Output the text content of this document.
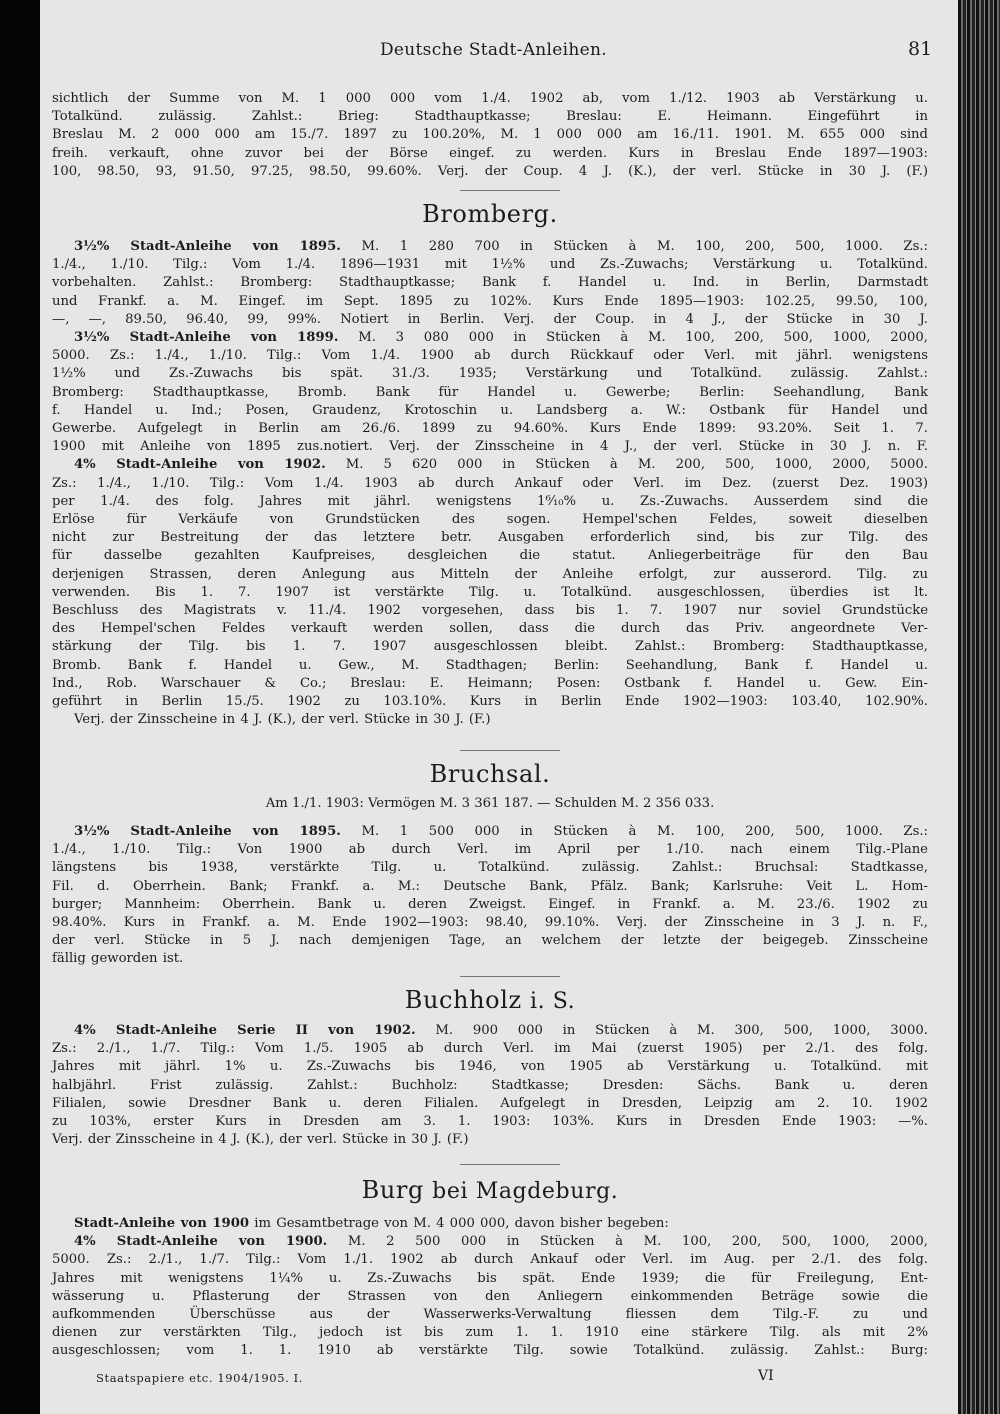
Deutsche Stadt-Anleihen.	81

sichtlich der Summe von M. 1 000 000 vom 1./4. 1902 ab, vom 1./12. 1903 ab Verstärkung u.

Totalkünd. zulässig. Zahlst.: Brieg: Stadthauptkasse; Breslau: E. Heimann. Eingeführt in

Breslau M. 2 000 000 am 15./7. 1897 zu 100.20%, M. 1 000 000 am 16./11. 1901. M. 655 000 sind

freih. verkauft, ohne zuvor bei der Börse eingef. zu werden. Kurs in Breslau Ende 1897—1903:

100, 98.50, 93, 91.50, 97.25, 98.50, 99.60%. Verj. der Coup. 4 J. (K.), der verl. Stücke in 30 J. (F.)

Bromberg.

3½% Stadt-Anleihe von 1895. M. 1 280 700 in Stücken à M. 100, 200, 500, 1000. Zs.:

1./4., 1./10. Tilg.: Vom 1./4. 1896—1931 mit 1½% und Zs.-Zuwachs; Verstärkung u. Totalkünd.

vorbehalten. Zahlst.: Bromberg: Stadthauptkasse; Bank f. Handel u. Ind. in Berlin, Darmstadt

und Frankf. a. M. Eingef. im Sept. 1895 zu 102%. Kurs Ende 1895—1903: 102.25, 99.50, 100,

—, —, 89.50, 96.40, 99, 99%. Notiert in Berlin. Verj. der Coup. in 4 J., der Stücke in 30 J.

3½% Stadt-Anleihe von 1899. M. 3 080 000 in Stücken à M. 100, 200, 500, 1000, 2000,

5000. Zs.: 1./4., 1./10. Tilg.: Vom 1./4. 1900 ab durch Rückkauf oder Verl. mit jährl. wenigstens

1½% und Zs.-Zuwachs bis spät. 31./3. 1935; Verstärkung und Totalkünd. zulässig. Zahlst.:

Bromberg: Stadthauptkasse, Bromb. Bank für Handel u. Gewerbe; Berlin: Seehandlung, Bank

f. Handel u. Ind.; Posen, Graudenz, Krotoschin u. Landsberg a. W.: Ostbank für Handel und

Gewerbe. Aufgelegt in Berlin am 26./6. 1899 zu 94.60%. Kurs Ende 1899: 93.20%. Seit 1. 7.

1900 mit Anleihe von 1895 zus.notiert. Verj. der Zinsscheine in 4 J., der verl. Stücke in 30 J. n. F.

4% Stadt-Anleihe von 1902. M. 5 620 000 in Stücken à M. 200, 500, 1000, 2000, 5000.

Zs.: 1./4., 1./10. Tilg.: Vom 1./4. 1903 ab durch Ankauf oder Verl. im Dez. (zuerst Dez. 1903)

per 1./4. des folg. Jahres mit jährl. wenigstens 1⁶⁄₁₀% u. Zs.-Zuwachs. Ausserdem sind die

Erlöse für Verkäufe von Grundstücken des sogen. Hempel'schen Feldes, soweit dieselben

nicht zur Bestreitung der das letztere betr. Ausgaben erforderlich sind, bis zur Tilg. des

für dasselbe gezahlten Kaufpreises, desgleichen die statut. Anliegerbeiträge für den Bau

derjenigen Strassen, deren Anlegung aus Mitteln der Anleihe erfolgt, zur ausserord. Tilg. zu

verwenden. Bis 1. 7. 1907 ist verstärkte Tilg. u. Totalkünd. ausgeschlossen, überdies ist lt.

Beschluss des Magistrats v. 11./4. 1902 vorgesehen, dass bis 1. 7. 1907 nur soviel Grundstücke

des Hempel'schen Feldes verkauft werden sollen, dass die durch das Priv. angeordnete Ver-

stärkung der Tilg. bis 1. 7. 1907 ausgeschlossen bleibt. Zahlst.: Bromberg: Stadthauptkasse,

Bromb. Bank f. Handel u. Gew., M. Stadthagen; Berlin: Seehandlung, Bank f. Handel u.

Ind., Rob. Warschauer & Co.; Breslau: E. Heimann; Posen: Ostbank f. Handel u. Gew. Ein-

geführt in Berlin 15./5. 1902 zu 103.10%. Kurs in Berlin Ende 1902—1903: 103.40, 102.90%.

Verj. der Zinsscheine in 4 J. (K.), der verl. Stücke in 30 J. (F.)

Bruchsal.
Am 1./1. 1903: Vermögen M. 3 361 187. — Schulden M. 2 356 033.

3½% Stadt-Anleihe von 1895. M. 1 500 000 in Stücken à M. 100, 200, 500, 1000. Zs.:

1./4., 1./10. Tilg.: Von 1900 ab durch Verl. im April per 1./10. nach einem Tilg.-Plane

längstens bis 1938, verstärkte Tilg. u. Totalkünd. zulässig. Zahlst.: Bruchsal: Stadtkasse,

Fil. d. Oberrhein. Bank; Frankf. a. M.: Deutsche Bank, Pfälz. Bank; Karlsruhe: Veit L. Hom-

burger; Mannheim: Oberrhein. Bank u. deren Zweigst. Eingef. in Frankf. a. M. 23./6. 1902 zu

98.40%. Kurs in Frankf. a. M. Ende 1902—1903: 98.40, 99.10%. Verj. der Zinsscheine in 3 J. n. F.,

der verl. Stücke in 5 J. nach demjenigen Tage, an welchem der letzte der beigegeb. Zinsscheine

fällig geworden ist.

Buchholz i. S.

4% Stadt-Anleihe Serie II von 1902. M. 900 000 in Stücken à M. 300, 500, 1000, 3000.

Zs.: 2./1., 1./7. Tilg.: Vom 1./5. 1905 ab durch Verl. im Mai (zuerst 1905) per 2./1. des folg.

Jahres mit jährl. 1% u. Zs.-Zuwachs bis 1946, von 1905 ab Verstärkung u. Totalkünd. mit

halbjährl. Frist zulässig. Zahlst.: Buchholz: Stadtkasse; Dresden: Sächs. Bank u. deren

Filialen, sowie Dresdner Bank u. deren Filialen. Aufgelegt in Dresden, Leipzig am 2. 10. 1902

zu 103%, erster Kurs in Dresden am 3. 1. 1903: 103%. Kurs in Dresden Ende 1903: —%.

Verj. der Zinsscheine in 4 J. (K.), der verl. Stücke in 30 J. (F.)

Burg bei Magdeburg.

Stadt-Anleihe von 1900 im Gesamtbetrage von M. 4 000 000, davon bisher begeben:

4% Stadt-Anleihe von 1900. M. 2 500 000 in Stücken à M. 100, 200, 500, 1000, 2000,

5000. Zs.: 2./1., 1./7. Tilg.: Vom 1./1. 1902 ab durch Ankauf oder Verl. im Aug. per 2./1. des folg.

Jahres mit wenigstens 1¼% u. Zs.-Zuwachs bis spät. Ende 1939; die für Freilegung, Ent-

wässerung u. Pflasterung der Strassen von den Anliegern einkommenden Beträge sowie die

aufkommenden Überschüsse aus der Wasserwerks-Verwaltung fliessen dem Tilg.-F. zu und

dienen zur verstärkten Tilg., jedoch ist bis zum 1. 1. 1910 eine stärkere Tilg. als mit 2%

ausgeschlossen; vom 1. 1. 1910 ab verstärkte Tilg. sowie Totalkünd. zulässig. Zahlst.: Burg:

Staatspapiere etc. 1904/1905. I.	VI
